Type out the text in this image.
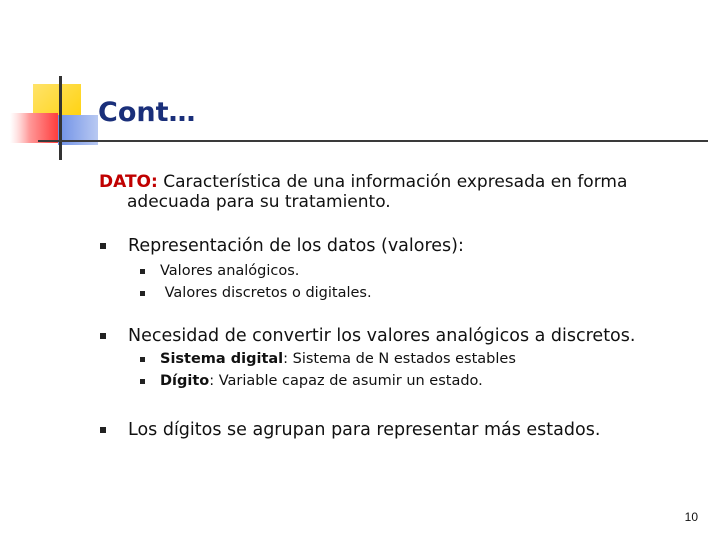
Cont…
DATO: Característica de una información expresada en forma
adecuada para su tratamiento.
Representación de los datos (valores):
Valores analógicos.
Valores discretos o digitales.
Necesidad de convertir los valores analógicos a discretos.
Sistema digital: Sistema de N estados estables
Dígito: Variable capaz de asumir un estado.
Los dígitos se agrupan para representar más estados.
10
